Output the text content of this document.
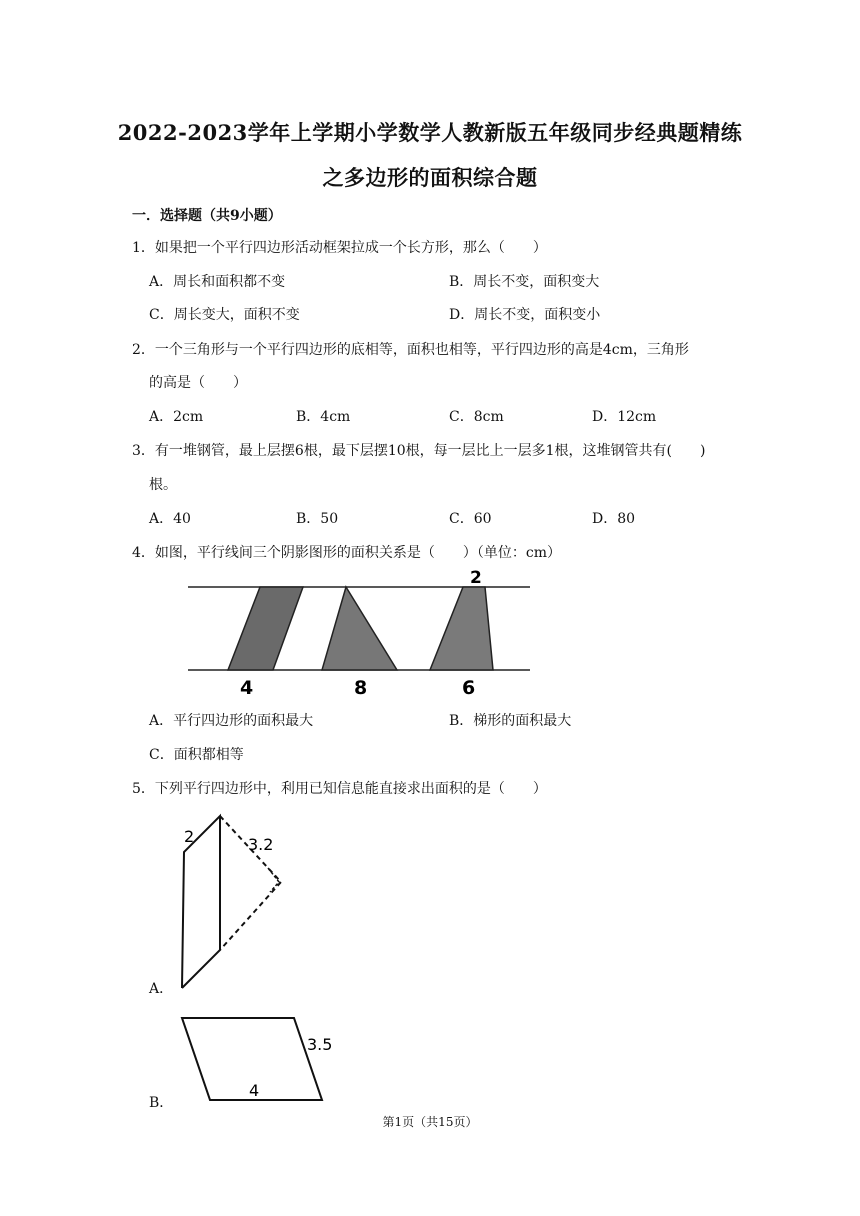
2022-2023学年上学期小学数学人教新版五年级同步经典题精练
之多边形的面积综合题
一．选择题（共9小题）
1．如果把一个平行四边形活动框架拉成一个长方形，那么（　　）
A．周长和面积都不变	B．周长不变，面积变大
C．周长变大，面积不变	D．周长不变，面积变小
2．一个三角形与一个平行四边形的底相等，面积也相等，平行四边形的高是4cm，三角形
的高是（　　）
A．2cm	B．4cm	C．8cm	D．12cm
3．有一堆钢管，最上层摆6根，最下层摆10根，每一层比上一层多1根，这堆钢管共有(　　)
根。
A．40	B．50	C．60	D．80
4．如图，平行线间三个阴影图形的面积关系是（　　）（单位：cm）
4	8	6
2
A．平行四边形的面积最大	B．梯形的面积最大
C．面积都相等
5．下列平行四边形中，利用已知信息能直接求出面积的是（　　）
A．
2	3.2
B．
3.5
4
第1页（共15页）
